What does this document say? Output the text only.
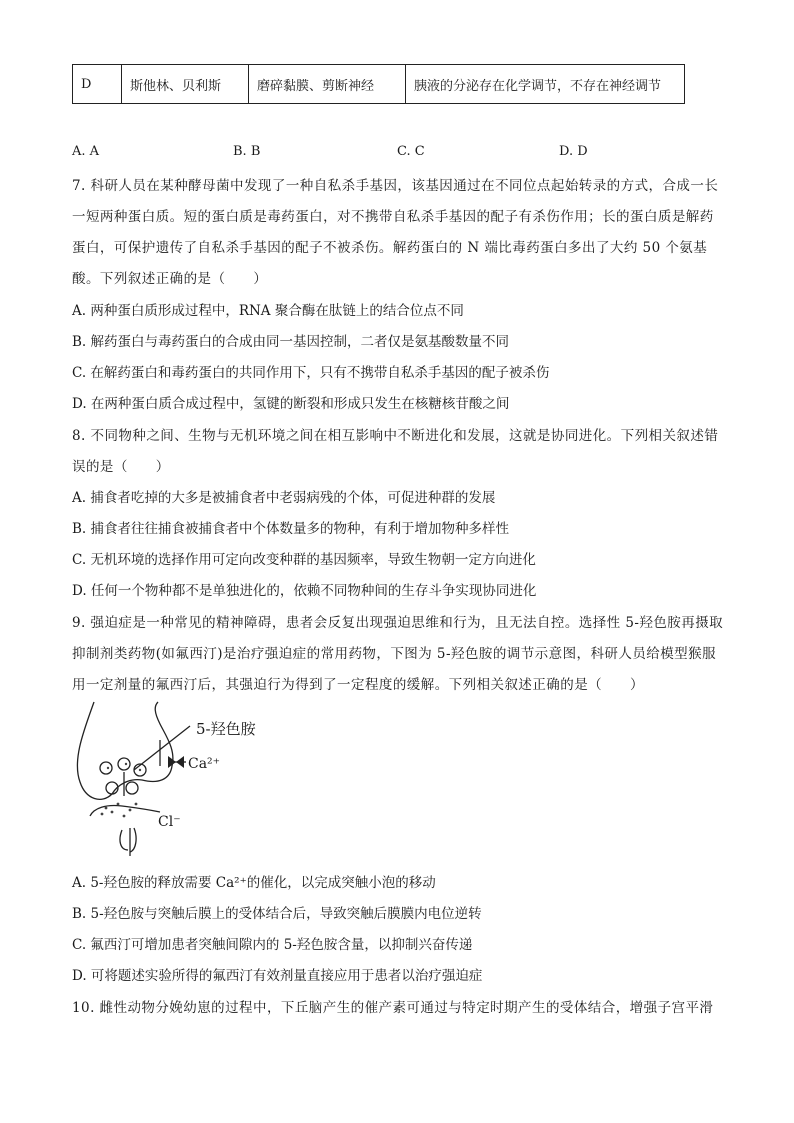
D	斯他林、贝利斯	磨碎黏膜、剪断神经	胰液的分泌存在化学调节，不存在神经调节
A. A	B. B	C. C	D. D
7. 科研人员在某种酵母菌中发现了一种自私杀手基因，该基因通过在不同位点起始转录的方式，合成一长
一短两种蛋白质。短的蛋白质是毒药蛋白，对不携带自私杀手基因的配子有杀伤作用；长的蛋白质是解药
蛋白，可保护遗传了自私杀手基因的配子不被杀伤。解药蛋白的 N 端比毒药蛋白多出了大约 50 个氨基
酸。下列叙述正确的是（　　）
A. 两种蛋白质形成过程中，RNA 聚合酶在肽链上的结合位点不同
B. 解药蛋白与毒药蛋白的合成由同一基因控制，二者仅是氨基酸数量不同
C. 在解药蛋白和毒药蛋白的共同作用下，只有不携带自私杀手基因的配子被杀伤
D. 在两种蛋白质合成过程中，氢键的断裂和形成只发生在核糖核苷酸之间
8. 不同物种之间、生物与无机环境之间在相互影响中不断进化和发展，这就是协同进化。下列相关叙述错
误的是（　　）
A. 捕食者吃掉的大多是被捕食者中老弱病残的个体，可促进种群的发展
B. 捕食者往往捕食被捕食者中个体数量多的物种，有利于增加物种多样性
C. 无机环境的选择作用可定向改变种群的基因频率，导致生物朝一定方向进化
D. 任何一个物种都不是单独进化的，依赖不同物种间的生存斗争实现协同进化
9. 强迫症是一种常见的精神障碍，患者会反复出现强迫思维和行为，且无法自控。选择性 5-羟色胺再摄取
抑制剂类药物(如氟西汀)是治疗强迫症的常用药物，下图为 5-羟色胺的调节示意图，科研人员给模型猴服
用一定剂量的氟西汀后，其强迫行为得到了一定程度的缓解。下列相关叙述正确的是（　　）
5-羟色胺
Ca²⁺
Cl⁻
A. 5-羟色胺的释放需要 Ca²⁺的催化，以完成突触小泡的移动
B. 5-羟色胺与突触后膜上的受体结合后，导致突触后膜膜内电位逆转
C. 氟西汀可增加患者突触间隙内的 5-羟色胺含量，以抑制兴奋传递
D. 可将题述实验所得的氟西汀有效剂量直接应用于患者以治疗强迫症
10. 雌性动物分娩幼崽的过程中，下丘脑产生的催产素可通过与特定时期产生的受体结合，增强子宫平滑
